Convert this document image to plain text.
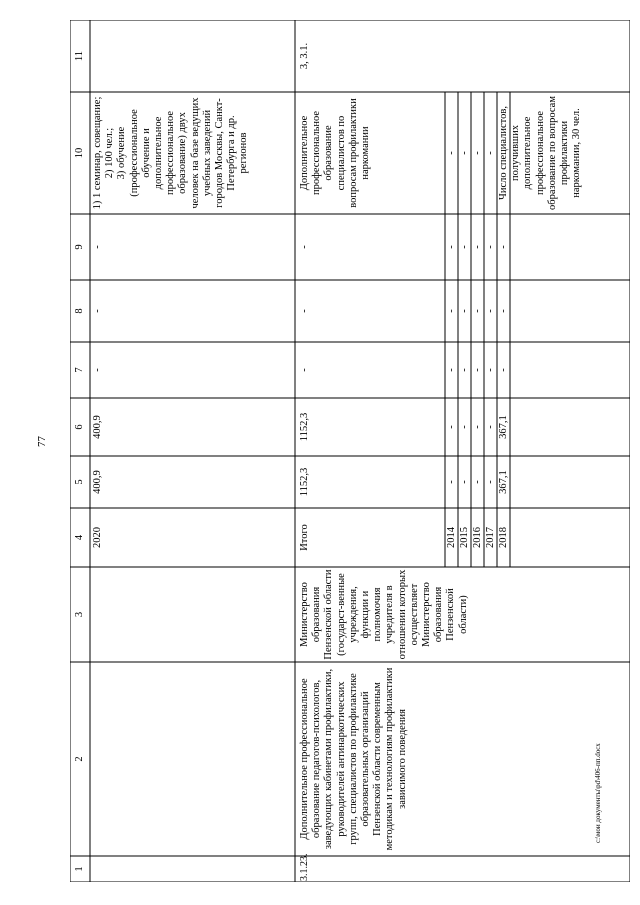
77
1
2
3
4
5
6
7
8
9
10
11
2020
400,9
400,9
-
-
-
1) 1 семинар, совещание;
2) 100 чел.;
3) обучение (профессиональное обучение и дополнительное профессиональное образование) двух человек на базе ведущих учебных заведений городов Москвы, Санкт-Петербурга и др. регионов
3.1.23.
Дополнительное профессиональное образование педагогов-психологов, заведующих кабинетами профилактики, руководителей антинаркотических групп, специалистов по профилактике образовательных организаций Пензенской области современным методикам и технологиям профилактики зависимого поведения
Министерство образования Пензенской области (государст-венные учреждения, функции и полномочия учредителя в отношении которых осуществляет Министерство образования Пензенской области)
Итого
1152,3
1152,3
-
-
-
Дополнительное профессиональное образование специалистов по вопросам профилактики наркомании
3, 3.1.
2014
-
-
-
-
-
-
2015
-
-
-
-
-
-
2016
-
-
-
-
-
-
2017
-
-
-
-
-
-
2018
367,1
367,1
-
-
-
Число специалистов, получивших дополнительное профессиональное образование по вопросам профилактики наркомании, 30 чел.
c:\мои документы\pd\406-пп.docx
